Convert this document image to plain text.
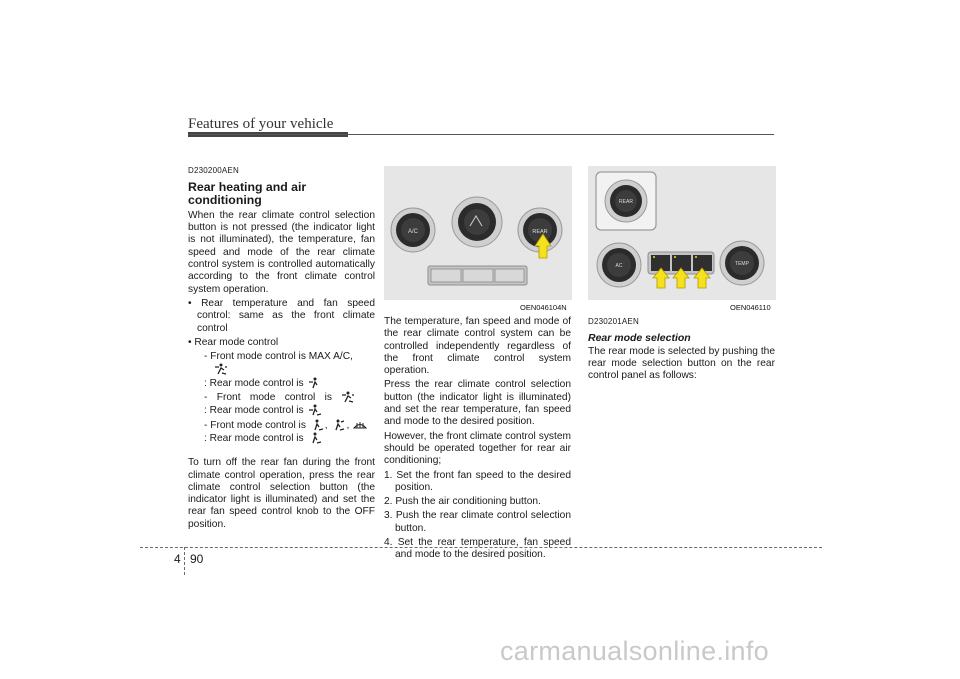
Features of your vehicle
D230200AEN
Rear heating and air conditioning

When the rear climate control selection button is not pressed (the indicator light is not illuminated), the temperature, fan speed and mode of the rear climate control system is controlled automatically according to the front climate control system operation.

• Rear temperature and fan speed control: same as the front climate control

• Rear mode control

- Front mode control is MAX A/C,
: Rear mode control is
- Front mode control is
: Rear mode control is
- Front mode control is , ,
: Rear mode control is

To turn off the rear fan during the front climate control operation, press the rear climate control selection button (the indicator light is illuminated) and set the rear fan speed control knob to the OFF position.

A/C	REAR
OEN046104N

The temperature, fan speed and mode of the rear climate control system can be controlled independently regardless of the front climate control system operation.

Press the rear climate control selection button (the indicator light is illuminated) and set the rear temperature, fan speed and mode to the desired position.

However, the front climate control system should be operated together for rear air conditioning;

1. Set the front fan speed to the desired position.

2. Push the air conditioning button.

3. Push the rear climate control selection button.

4. Set the rear temperature, fan speed and mode to the desired position.

REAR
AC	TEMP
OEN046110
D230201AEN
Rear mode selection

The rear mode is selected by pushing the rear mode selection button on the rear control panel as follows:

4 90
carmanualsonline.info
